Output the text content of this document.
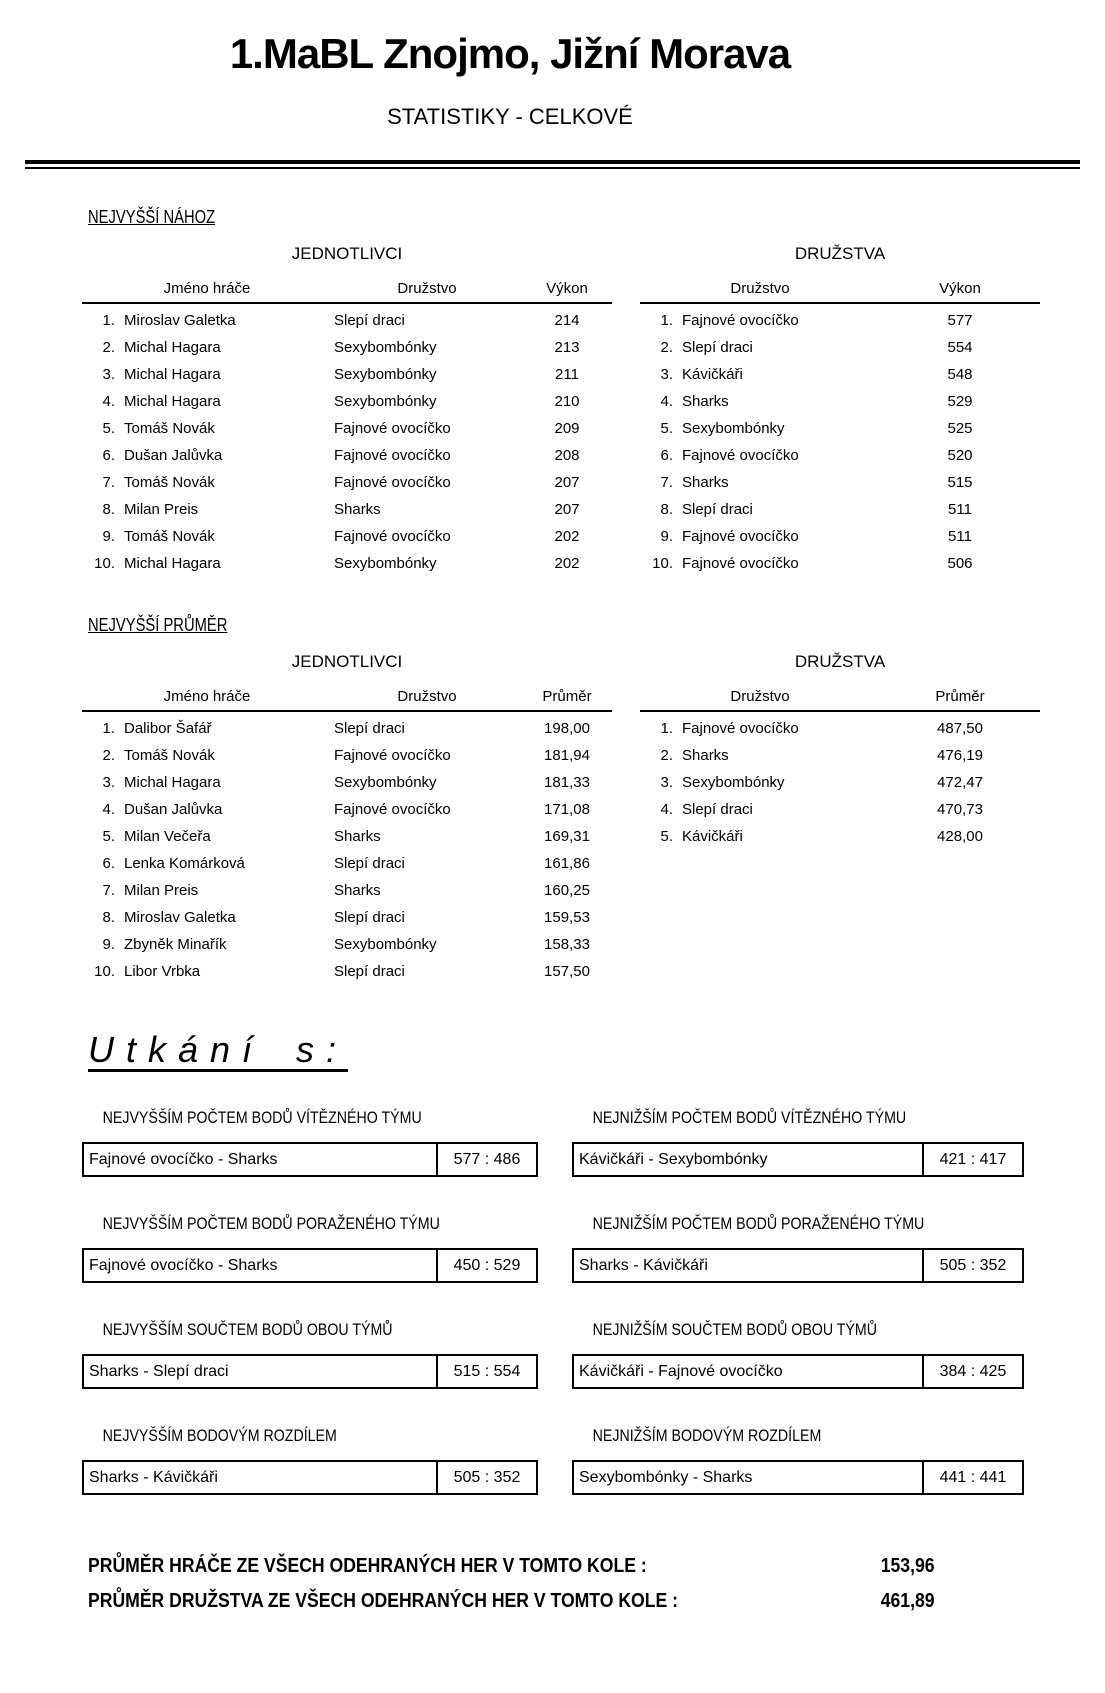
1.MaBL Znojmo, Jižní Morava
STATISTIKY - CELKOVÉ
NEJVYŠŠÍ NÁHOZ
JEDNOTLIVCI
Jméno hráče	Družstvo	Výkon
1. Miroslav Galetka	Slepí draci	214
2. Michal Hagara	Sexybombónky	213
3. Michal Hagara	Sexybombónky	211
4. Michal Hagara	Sexybombónky	210
5. Tomáš Novák	Fajnové ovocíčko	209
6. Dušan Jalůvka	Fajnové ovocíčko	208
7. Tomáš Novák	Fajnové ovocíčko	207
8. Milan Preis	Sharks	207
9. Tomáš Novák	Fajnové ovocíčko	202
10. Michal Hagara	Sexybombónky	202
DRUŽSTVA
Družstvo	Výkon
1. Fajnové ovocíčko	577
2. Slepí draci	554
3. Kávičkáři	548
4. Sharks	529
5. Sexybombónky	525
6. Fajnové ovocíčko	520
7. Sharks	515
8. Slepí draci	511
9. Fajnové ovocíčko	511
10. Fajnové ovocíčko	506
NEJVYŠŠÍ PRŮMĚR
JEDNOTLIVCI
Jméno hráče	Družstvo	Průměr
1. Dalibor Šafář	Slepí draci	198,00
2. Tomáš Novák	Fajnové ovocíčko	181,94
3. Michal Hagara	Sexybombónky	181,33
4. Dušan Jalůvka	Fajnové ovocíčko	171,08
5. Milan Večeřa	Sharks	169,31
6. Lenka Komárková	Slepí draci	161,86
7. Milan Preis	Sharks	160,25
8. Miroslav Galetka	Slepí draci	159,53
9. Zbyněk Minařík	Sexybombónky	158,33
10. Libor Vrbka	Slepí draci	157,50
DRUŽSTVA
Družstvo	Průměr
1. Fajnové ovocíčko	487,50
2. Sharks	476,19
3. Sexybombónky	472,47
4. Slepí draci	470,73
5. Kávičkáři	428,00
Utkání s:
NEJVYŠŠÍM POČTEM BODŮ VÍTĚZNÉHO TÝMU
Fajnové ovocíčko - Sharks	577 : 486
NEJNIŽŠÍM POČTEM BODŮ VÍTĚZNÉHO TÝMU
Kávičkáři - Sexybombónky	421 : 417
NEJVYŠŠÍM POČTEM BODŮ PORAŽENÉHO TÝMU
Fajnové ovocíčko - Sharks	450 : 529
NEJNIŽŠÍM POČTEM BODŮ PORAŽENÉHO TÝMU
Sharks - Kávičkáři	505 : 352
NEJVYŠŠÍM SOUČTEM BODŮ OBOU TÝMŮ
Sharks - Slepí draci	515 : 554
NEJNIŽŠÍM SOUČTEM BODŮ OBOU TÝMŮ
Kávičkáři - Fajnové ovocíčko	384 : 425
NEJVYŠŠÍM BODOVÝM ROZDÍLEM
Sharks - Kávičkáři	505 : 352
NEJNIŽŠÍM BODOVÝM ROZDÍLEM
Sexybombónky - Sharks	441 : 441
PRŮMĚR HRÁČE ZE VŠECH ODEHRANÝCH HER V TOMTO KOLE :	153,96
PRŮMĚR DRUŽSTVA ZE VŠECH ODEHRANÝCH HER V TOMTO KOLE :	461,89
